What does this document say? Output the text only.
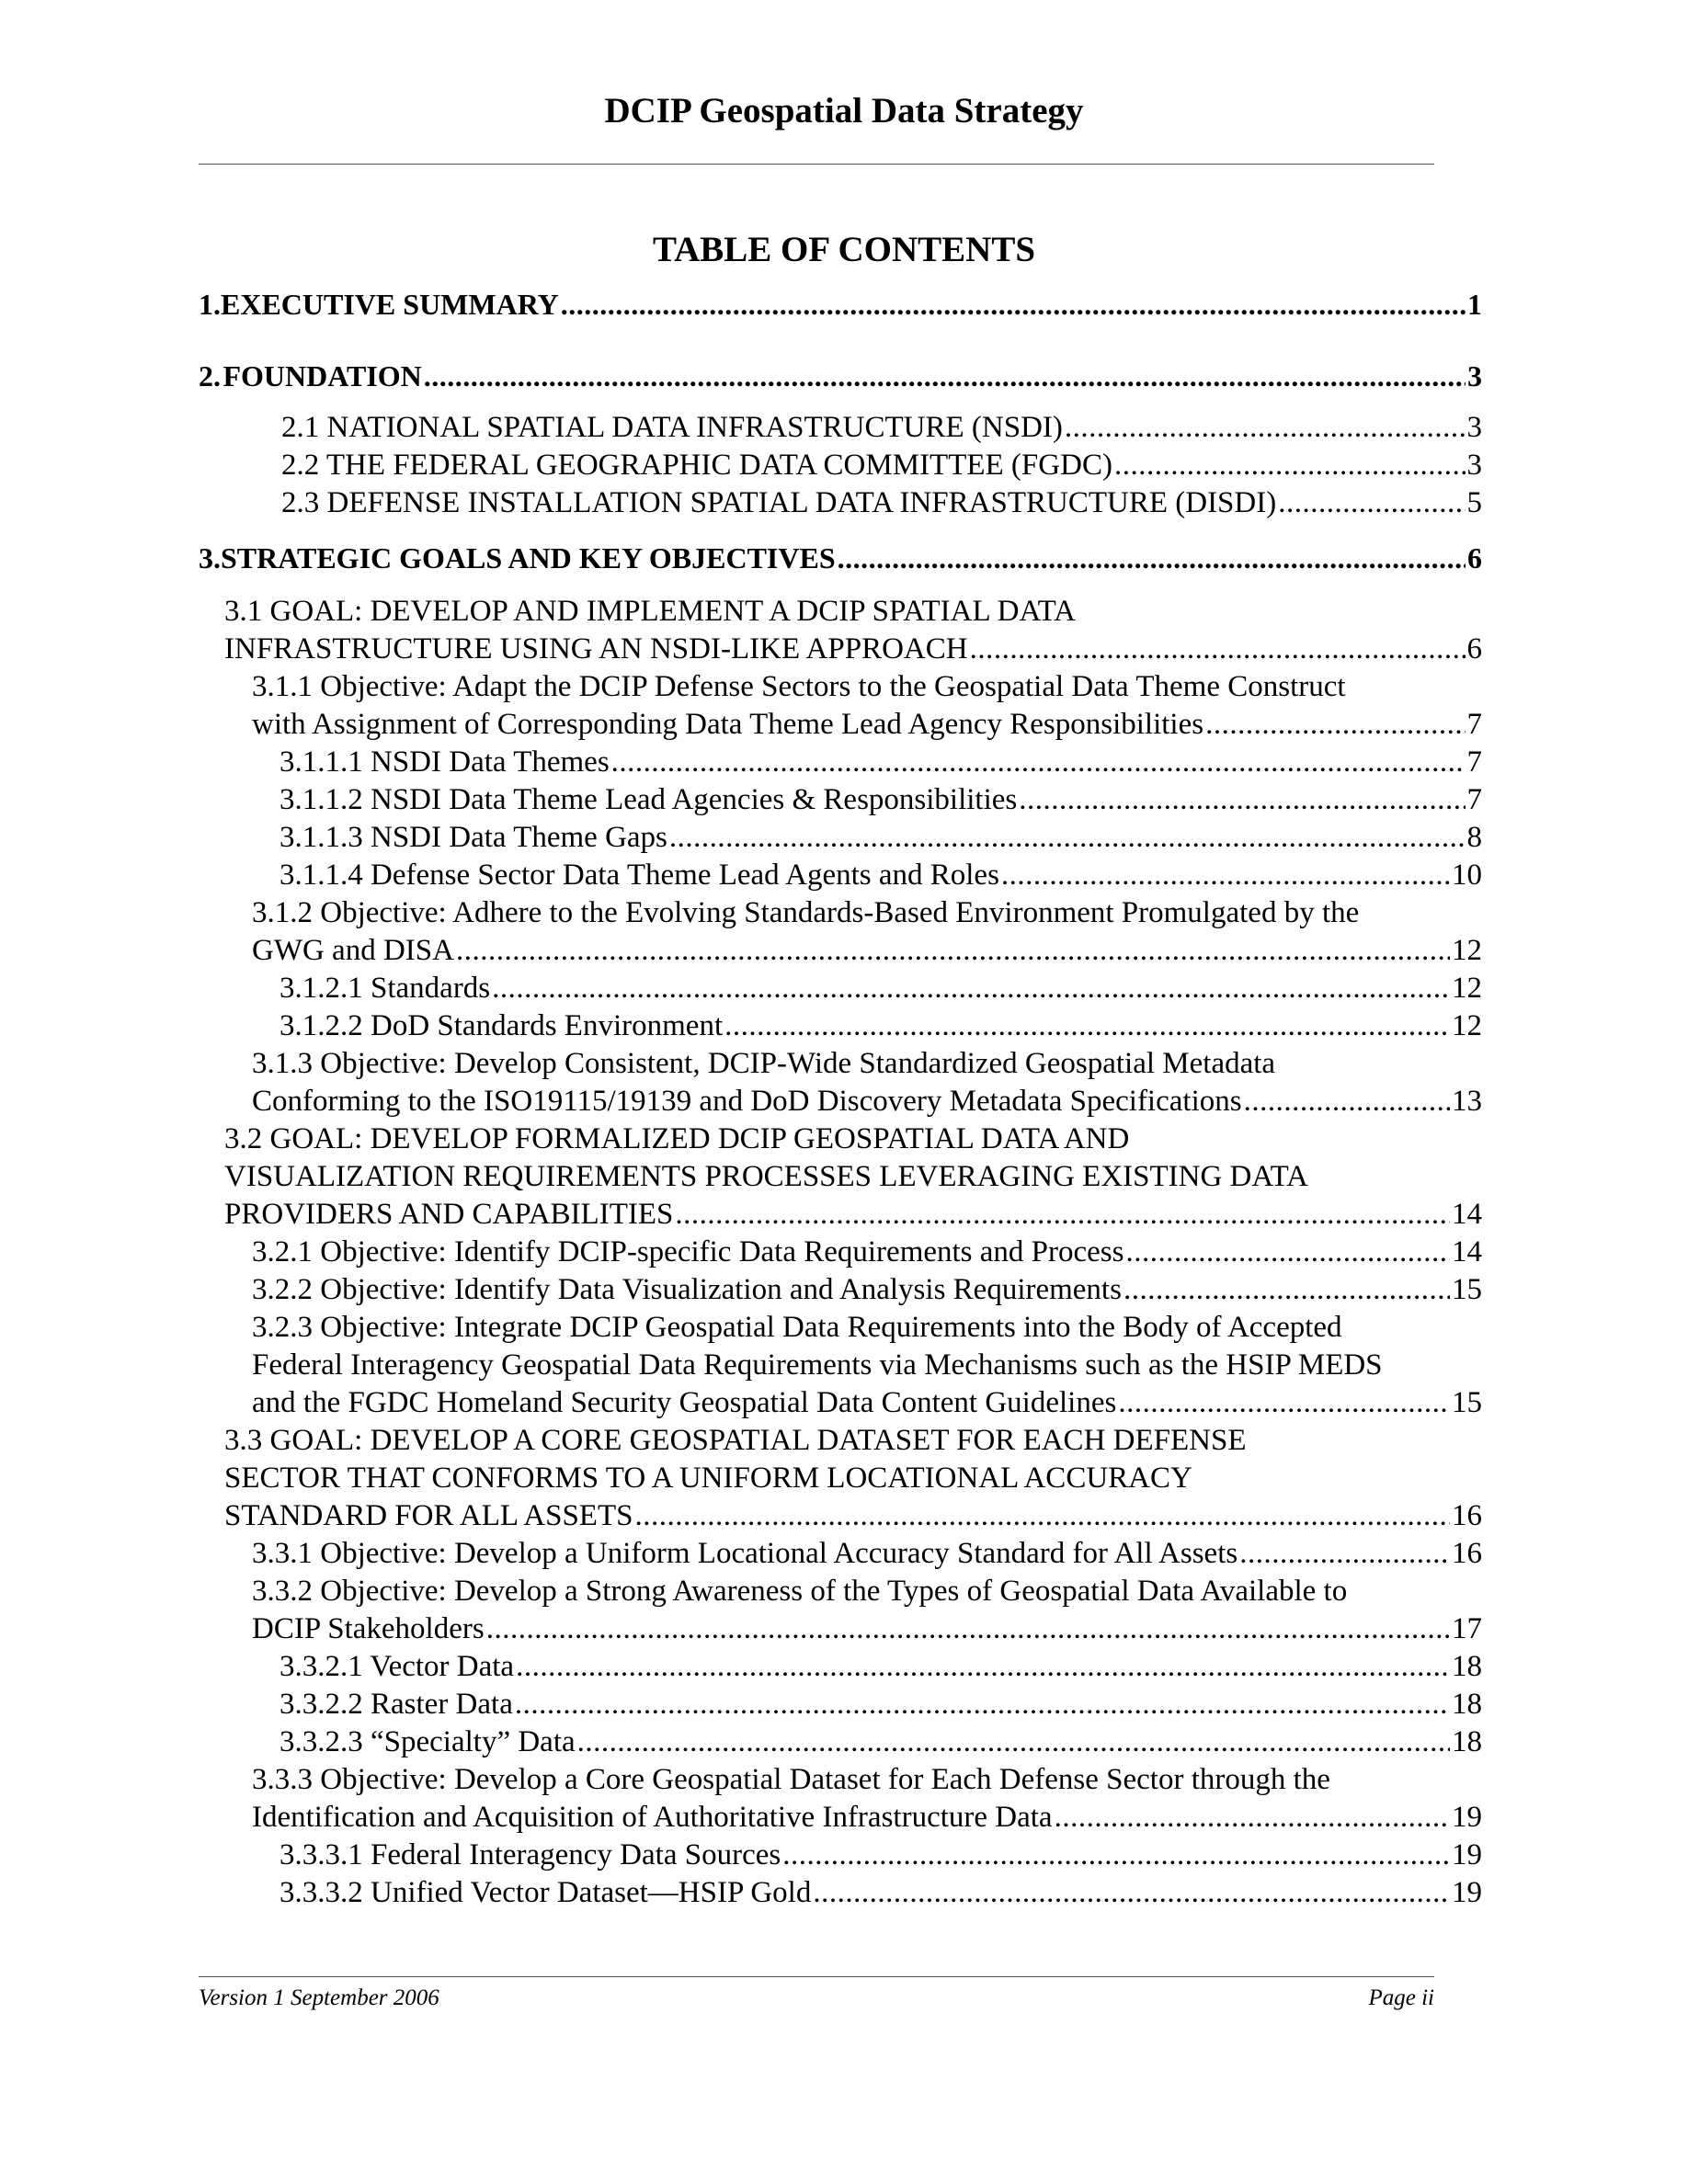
DCIP Geospatial Data Strategy
TABLE OF CONTENTS
1. EXECUTIVE SUMMARY .....	1
2. FOUNDATION .....	3
2.1 NATIONAL SPATIAL DATA INFRASTRUCTURE (NSDI) .....	3
2.2 THE FEDERAL GEOGRAPHIC DATA COMMITTEE (FGDC) .....	3
2.3 DEFENSE INSTALLATION SPATIAL DATA INFRASTRUCTURE (DISDI) .....	5
3. STRATEGIC GOALS AND KEY OBJECTIVES .....	6
3.1 GOAL: DEVELOP AND IMPLEMENT A DCIP SPATIAL DATA
INFRASTRUCTURE USING AN NSDI-LIKE APPROACH .....	6
3.1.1 Objective: Adapt the DCIP Defense Sectors to the Geospatial Data Theme Construct
with Assignment of Corresponding Data Theme Lead Agency Responsibilities .....	7
3.1.1.1 NSDI Data Themes .....	7
3.1.1.2 NSDI Data Theme Lead Agencies & Responsibilities .....	7
3.1.1.3 NSDI Data Theme Gaps .....	8
3.1.1.4 Defense Sector Data Theme Lead Agents and Roles .....	10
3.1.2 Objective: Adhere to the Evolving Standards-Based Environment Promulgated by the
GWG and DISA .....	12
3.1.2.1 Standards .....	12
3.1.2.2 DoD Standards Environment .....	12
3.1.3 Objective: Develop Consistent, DCIP-Wide Standardized Geospatial Metadata
Conforming to the ISO19115/19139 and DoD Discovery Metadata Specifications .....	13
3.2 GOAL: DEVELOP FORMALIZED DCIP GEOSPATIAL DATA AND
VISUALIZATION REQUIREMENTS PROCESSES LEVERAGING EXISTING DATA
PROVIDERS AND CAPABILITIES .....	14
3.2.1 Objective: Identify DCIP-specific Data Requirements and Process .....	14
3.2.2 Objective: Identify Data Visualization and Analysis Requirements .....	15
3.2.3 Objective: Integrate DCIP Geospatial Data Requirements into the Body of Accepted
Federal Interagency Geospatial Data Requirements via Mechanisms such as the HSIP MEDS
and the FGDC Homeland Security Geospatial Data Content Guidelines .....	15
3.3 GOAL: DEVELOP A CORE GEOSPATIAL DATASET FOR EACH DEFENSE
SECTOR THAT CONFORMS TO A UNIFORM LOCATIONAL ACCURACY
STANDARD FOR ALL ASSETS .....	16
3.3.1 Objective: Develop a Uniform Locational Accuracy Standard for All Assets .....	16
3.3.2 Objective: Develop a Strong Awareness of the Types of Geospatial Data Available to
DCIP Stakeholders .....	17
3.3.2.1 Vector Data .....	18
3.3.2.2 Raster Data .....	18
3.3.2.3 “Specialty” Data .....	18
3.3.3 Objective: Develop a Core Geospatial Dataset for Each Defense Sector through the
Identification and Acquisition of Authoritative Infrastructure Data .....	19
3.3.3.1 Federal Interagency Data Sources .....	19
3.3.3.2 Unified Vector Dataset—HSIP Gold .....	19
Version 1 September 2006	Page ii
